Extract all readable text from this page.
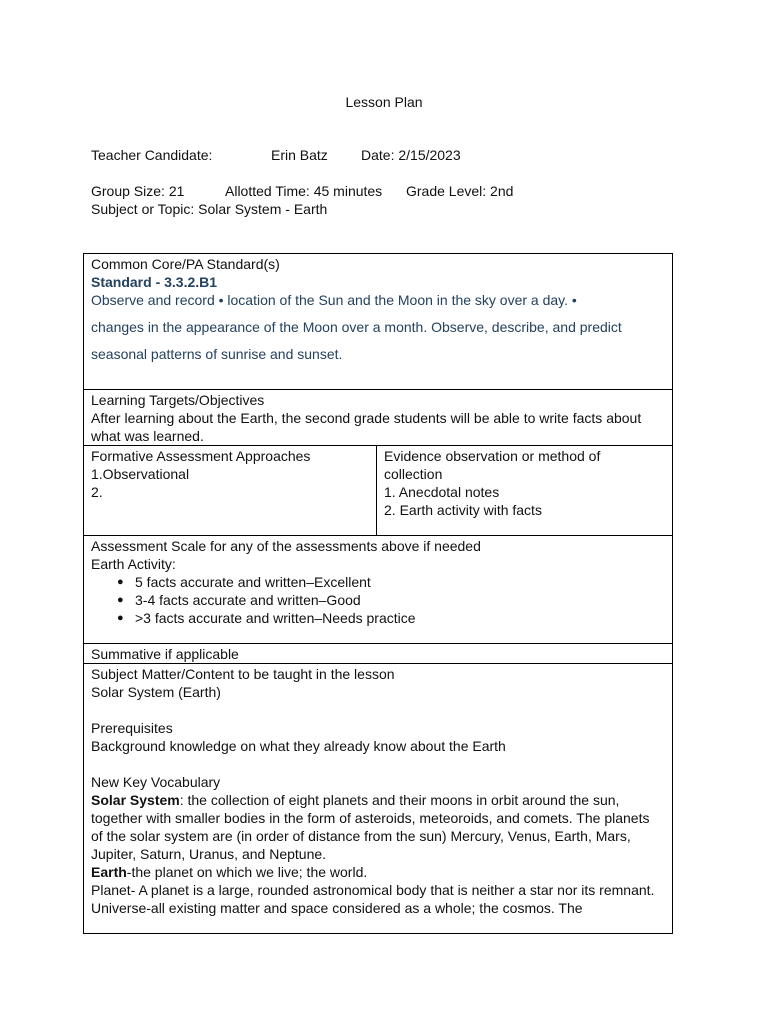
Lesson Plan
Teacher Candidate:	Erin Batz Date: 2/15/2023
Group Size: 21	Allotted Time: 45 minutes Grade Level: 2nd
Subject or Topic: Solar System - Earth
Common Core/PA Standard(s)
Standard - 3.3.2.B1
Observe and record • location of the Sun and the Moon in the sky over a day. •
changes in the appearance of the Moon over a month. Observe, describe, and predict
seasonal patterns of sunrise and sunset.

Learning Targets/Objectives
After learning about the Earth, the second grade students will be able to write facts about what was learned.

Formative Assessment Approaches
1.Observational
2.

Evidence observation or method of collection
1. Anecdotal notes
2. Earth activity with facts

Assessment Scale for any of the assessments above if needed
Earth Activity:
● 5 facts accurate and written–Excellent
● 3-4 facts accurate and written–Good
● >3 facts accurate and written–Needs practice

Summative if applicable

Subject Matter/Content to be taught in the lesson
Solar System (Earth)
Prerequisites
Background knowledge on what they already know about the Earth
New Key Vocabulary
Solar System: the collection of eight planets and their moons in orbit around the sun, together with smaller bodies in the form of asteroids, meteoroids, and comets. The planets of the solar system are (in order of distance from the sun) Mercury, Venus, Earth, Mars, Jupiter, Saturn, Uranus, and Neptune.
Earth-the planet on which we live; the world.
Planet- A planet is a large, rounded astronomical body that is neither a star nor its remnant.
Universe-all existing matter and space considered as a whole; the cosmos. The
